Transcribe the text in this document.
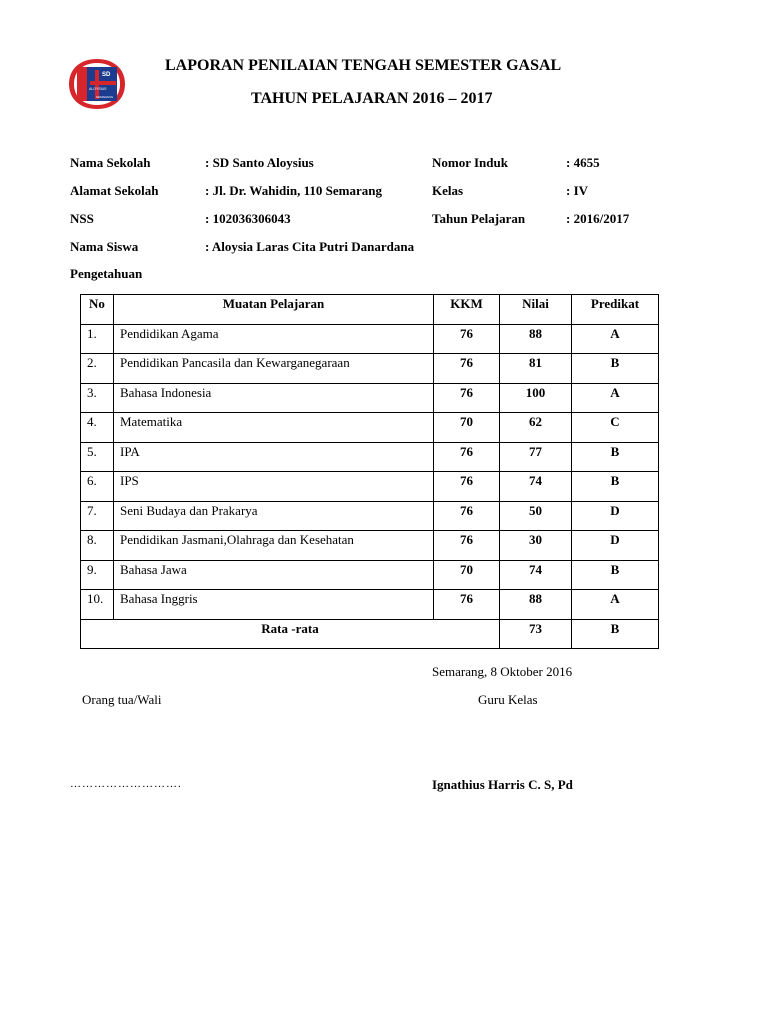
SD
ALOYSIUS
SEMARANG
LAPORAN PENILAIAN TENGAH SEMESTER GASAL
TAHUN PELAJARAN 2016 – 2017
Nama Sekolah	: SD Santo Aloysius	Nomor Induk	: 4655
Alamat Sekolah	: Jl. Dr. Wahidin, 110 Semarang	Kelas	: IV
NSS	: 102036306043	Tahun Pelajaran	: 2016/2017
Nama Siswa	: Aloysia Laras Cita Putri Danardana
Pengetahuan
No	Muatan Pelajaran	KKM	Nilai	Predikat
1.	Pendidikan Agama	76	88	A
2.	Pendidikan Pancasila dan Kewarganegaraan	76	81	B
3.	Bahasa Indonesia	76	100	A
4.	Matematika	70	62	C
5.	IPA	76	77	B
6.	IPS	76	74	B
7.	Seni Budaya dan Prakarya	76	50	D
8.	Pendidikan Jasmani,Olahraga dan Kesehatan	76	30	D
9.	Bahasa Jawa	70	74	B
10.	Bahasa Inggris	76	88	A
Rata -rata			73	B
Semarang, 8 Oktober 2016
Orang tua/Wali	Guru Kelas
……………………….	Ignathius Harris C. S, Pd
